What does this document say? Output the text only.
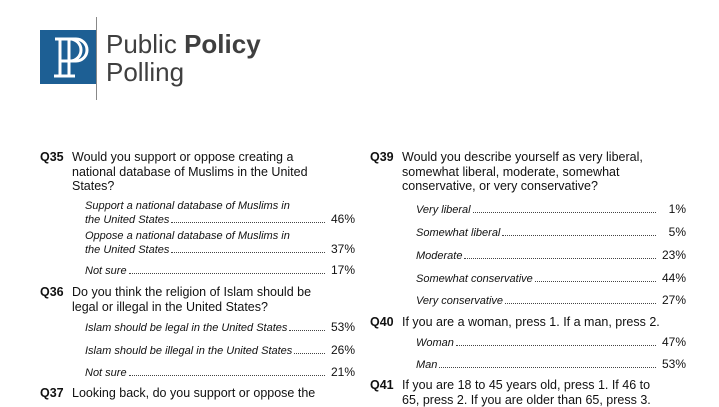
Public Policy
Polling
Q35 Would you support or oppose creating a national database of Muslims in the United States?
Support a national database of Muslims in
the United States	46%
Oppose a national database of Muslims in
the United States	37%
Not sure	17%
Q36 Do you think the religion of Islam should be legal or illegal in the United States?
Islam should be legal in the United States	53%
Islam should be illegal in the United States	26%
Not sure	21%
Q37 Looking back, do you support or oppose the
Q39 Would you describe yourself as very liberal, somewhat liberal, moderate, somewhat conservative, or very conservative?
Very liberal	1%
Somewhat liberal	5%
Moderate	23%
Somewhat conservative	44%
Very conservative	27%
Q40 If you are a woman, press 1. If a man, press 2.
Woman	47%
Man	53%
Q41 If you are 18 to 45 years old, press 1. If 46 to 65, press 2. If you are older than 65, press 3.
